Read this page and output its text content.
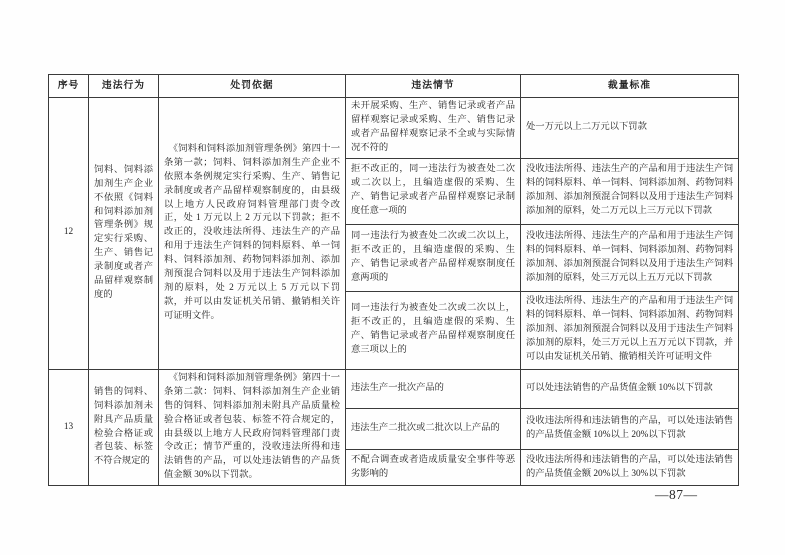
序号	违法行为	处罚依据	违法情节	裁量标准
12	饲料、饲料添加剂生产企业不依照《饲料和饲料添加剂管理条例》规定实行采购、生产、销售记录制度或者产品留样观察制度的	《饲料和饲料添加剂管理条例》第四十一条第一款；饲料、饲料添加剂生产企业不依照本条例规定实行采购、生产、销售记录制度或者产品留样观察制度的，由县级以上地方人民政府饲料管理部门责令改正，处 1 万元以上 2 万元以下罚款；拒不改正的，没收违法所得、违法生产的产品和用于违法生产饲料的饲料原料、单一饲料、饲料添加剂、药物饲料添加剂、添加剂预混合饲料以及用于违法生产饲料添加剂的原料，处 2 万元以上 5 万元以下罚款，并可以由发证机关吊销、撤销相关许可证明文件。	未开展采购、生产、销售记录或者产品留样观察记录或采购、生产、销售记录或者产品留样观察记录不全或与实际情况不符的	处一万元以上二万元以下罚款
			拒不改正的，同一违法行为被查处二次或二次以上，且编造虚假的采购、生产、销售记录或者产品留样观察记录制度任意一项的	没收违法所得、违法生产的产品和用于违法生产饲料的饲料原料、单一饲料、饲料添加剂、药物饲料添加剂、添加剂预混合饲料以及用于违法生产饲料添加剂的原料，处二万元以上三万元以下罚款
			同一违法行为被查处二次或二次以上，拒不改正的，且编造虚假的采购、生产、销售记录或者产品留样观察制度任意两项的	没收违法所得、违法生产的产品和用于违法生产饲料的饲料原料、单一饲料、饲料添加剂、药物饲料添加剂、添加剂预混合饲料以及用于违法生产饲料添加剂的原料，处三万元以上五万元以下罚款
			同一违法行为被查处二次或二次以上，拒不改正的，且编造虚假的采购、生产、销售记录或者产品留样观察制度任意三项以上的	没收违法所得、违法生产的产品和用于违法生产饲料的饲料原料、单一饲料、饲料添加剂、药物饲料添加剂、添加剂预混合饲料以及用于违法生产饲料添加剂的原料，处三万元以上五万元以下罚款，并可以由发证机关吊销、撤销相关许可证明文件
13	销售的饲料、饲料添加剂未附具产品质量检验合格证或者包装、标签不符合规定的	《饲料和饲料添加剂管理条例》第四十一条第二款：饲料、饲料添加剂生产企业销售的饲料、饲料添加剂未附具产品质量检验合格证或者包装、标签不符合规定的，由县级以上地方人民政府饲料管理部门责令改正；情节严重的，没收违法所得和违法销售的产品，可以处违法销售的产品货值金额 30%以下罚款。	违法生产一批次产品的	可以处违法销售的产品货值金额 10%以下罚款
			违法生产二批次或二批次以上产品的	没收违法所得和违法销售的产品，可以处违法销售的产品货值金额 10%以上 20%以下罚款
			不配合调查或者造成质量安全事件等恶劣影响的	没收违法所得和违法销售的产品，可以处违法销售的产品货值金额 20%以上 30%以下罚款
—87—
